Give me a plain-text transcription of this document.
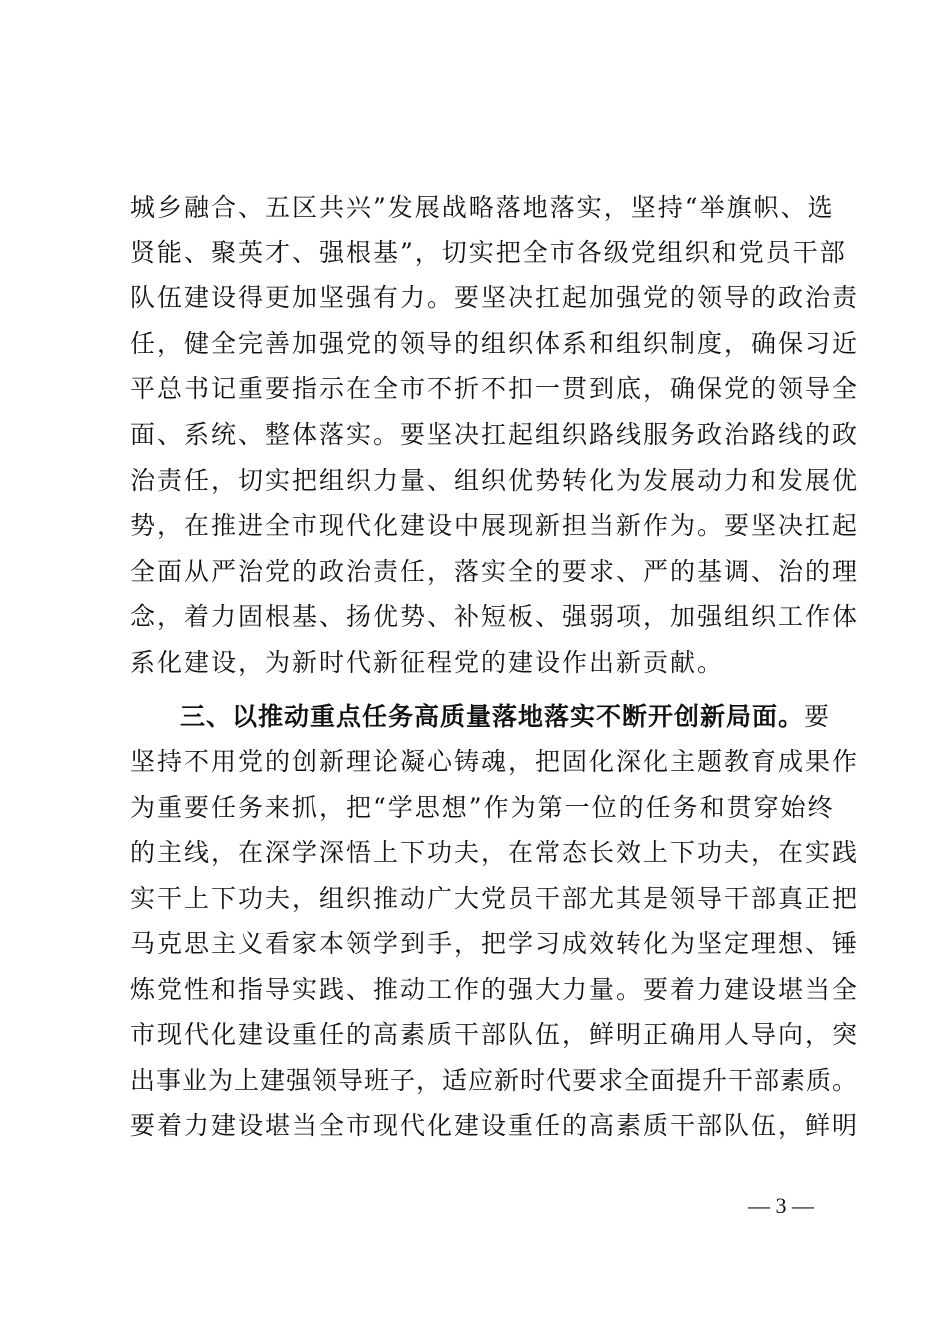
城乡融合、五区共兴”发展战略落地落实，坚持“举旗帜、选
贤能、聚英才、强根基”，切实把全市各级党组织和党员干部
队伍建设得更加坚强有力。要坚决扛起加强党的领导的政治责
任，健全完善加强党的领导的组织体系和组织制度，确保习近
平总书记重要指示在全市不折不扣一贯到底，确保党的领导全
面、系统、整体落实。要坚决扛起组织路线服务政治路线的政
治责任，切实把组织力量、组织优势转化为发展动力和发展优
势，在推进全市现代化建设中展现新担当新作为。要坚决扛起
全面从严治党的政治责任，落实全的要求、严的基调、治的理
念，着力固根基、扬优势、补短板、强弱项，加强组织工作体
系化建设，为新时代新征程党的建设作出新贡献。
三、以推动重点任务高质量落地落实不断开创新局面。要
坚持不用党的创新理论凝心铸魂，把固化深化主题教育成果作
为重要任务来抓，把“学思想”作为第一位的任务和贯穿始终
的主线，在深学深悟上下功夫，在常态长效上下功夫，在实践
实干上下功夫，组织推动广大党员干部尤其是领导干部真正把
马克思主义看家本领学到手，把学习成效转化为坚定理想、锤
炼党性和指导实践、推动工作的强大力量。要着力建设堪当全
市现代化建设重任的高素质干部队伍，鲜明正确用人导向，突
出事业为上建强领导班子，适应新时代要求全面提升干部素质。
要着力建设堪当全市现代化建设重任的高素质干部队伍，鲜明
— 3 —
